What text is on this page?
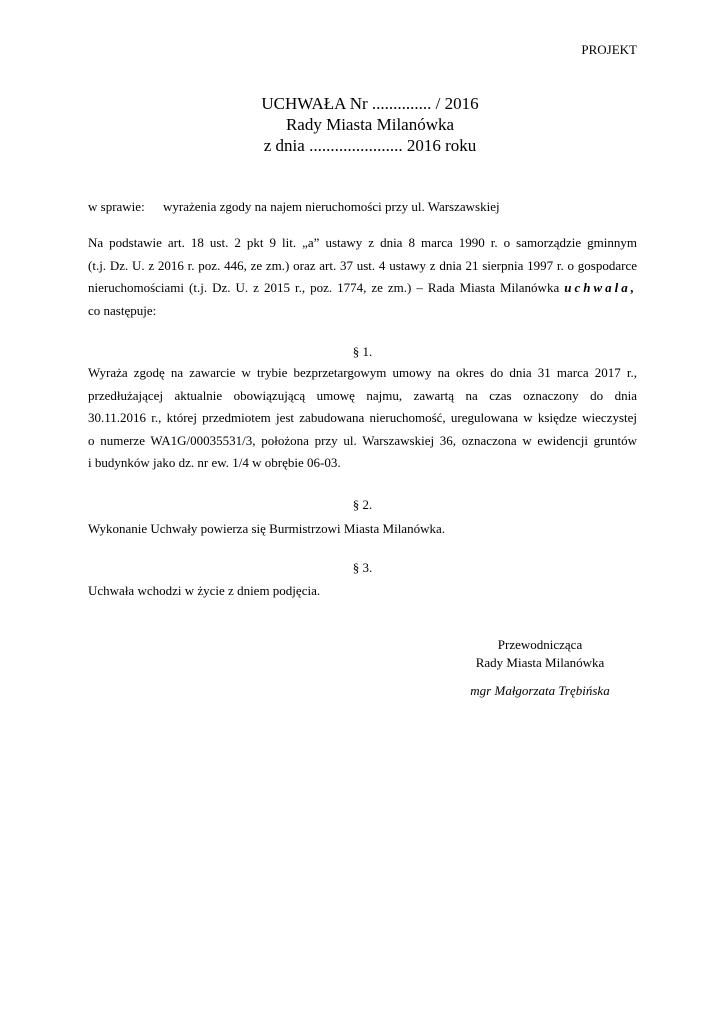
PROJEKT
UCHWAŁA Nr .............. / 2016
Rady Miasta Milanówka
z dnia ...................... 2016 roku
w sprawie: wyrażenia zgody na najem nieruchomości przy ul. Warszawskiej
Na podstawie art. 18 ust. 2 pkt 9 lit. „a” ustawy z dnia 8 marca 1990 r. o samorządzie gminnym
(t.j. Dz. U. z 2016 r. poz. 446, ze zm.) oraz art. 37 ust. 4 ustawy z dnia 21 sierpnia 1997 r. o gospodarce
nieruchomościami (t.j. Dz. U. z 2015 r., poz. 1774, ze zm.) – Rada Miasta Milanówka uchwala,
co następuje:
§ 1.
Wyraża zgodę na zawarcie w trybie bezprzetargowym umowy na okres do dnia 31 marca 2017 r.,
przedłużającej aktualnie obowiązującą umowę najmu, zawartą na czas oznaczony do dnia
30.11.2016 r., której przedmiotem jest zabudowana nieruchomość, uregulowana w księdze wieczystej
o numerze WA1G/00035531/3, położona przy ul. Warszawskiej 36, oznaczona w ewidencji gruntów
i budynków jako dz. nr ew. 1/4 w obrębie 06-03.
§ 2.
Wykonanie Uchwały powierza się Burmistrzowi Miasta Milanówka.
§ 3.
Uchwała wchodzi w życie z dniem podjęcia.
Przewodnicząca
Rady Miasta Milanówka
mgr Małgorzata Trębińska
